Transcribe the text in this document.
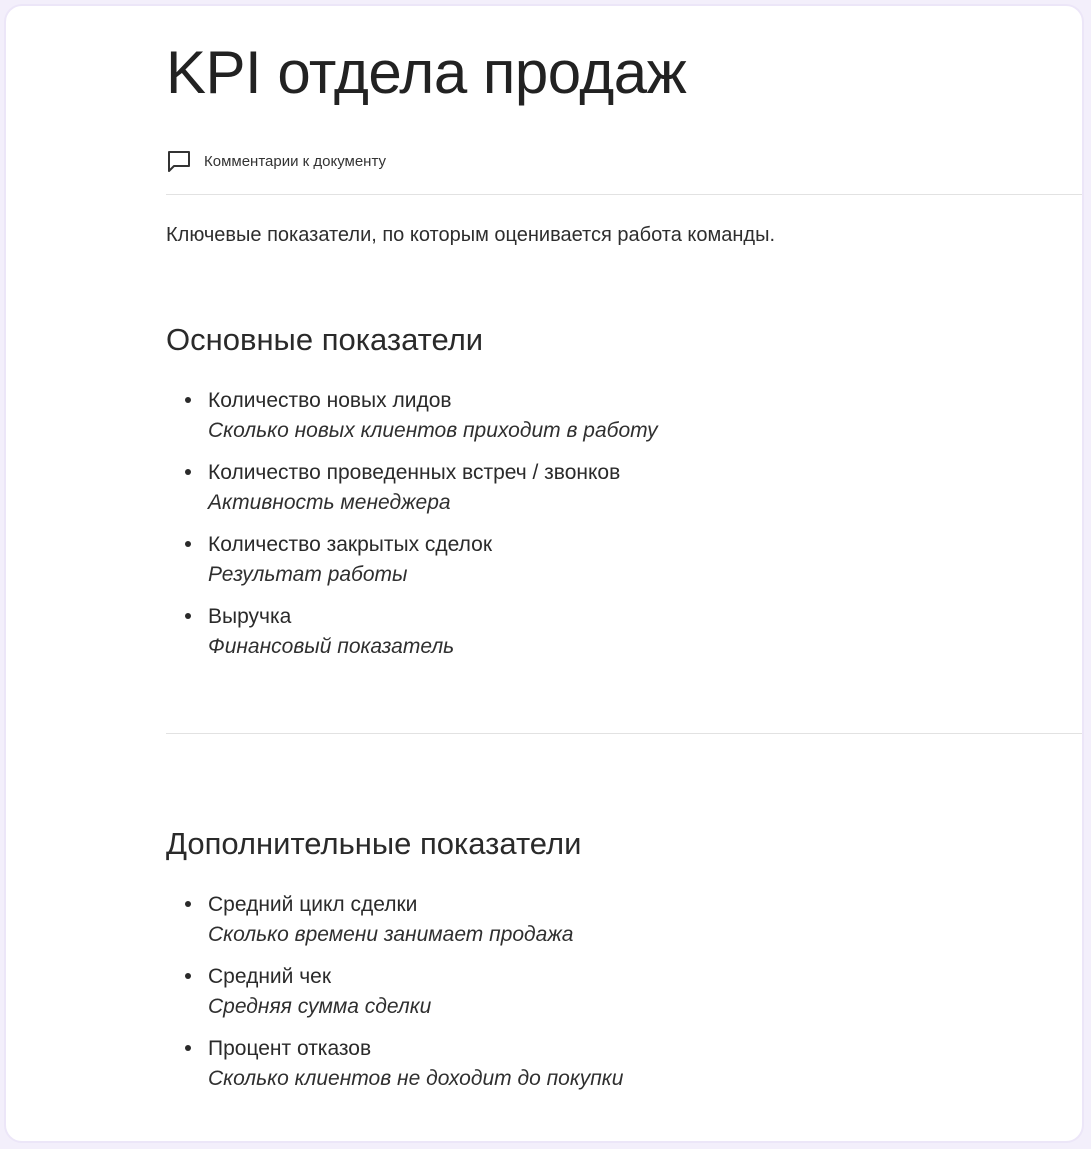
KPI отдела продаж
Комментарии к документу

Ключевые показатели, по которым оценивается работа команды.

Основные показатели
Количество новых лидов
Сколько новых клиентов приходит в работу
Количество проведенных встреч / звонков
Активность менеджера
Количество закрытых сделок
Результат работы
Выручка
Финансовый показатель
Дополнительные показатели
Средний цикл сделки
Сколько времени занимает продажа
Средний чек
Средняя сумма сделки
Процент отказов
Сколько клиентов не доходит до покупки
